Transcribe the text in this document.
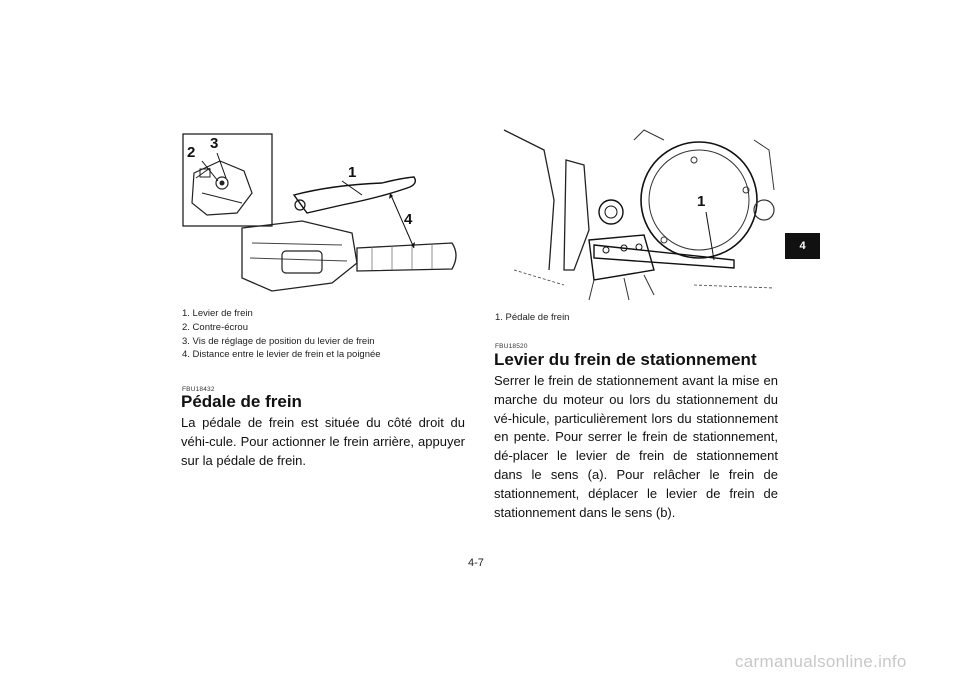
2
3
1
4
1
1. Levier de frein
2. Contre-écrou
3. Vis de réglage de position du levier de frein
4. Distance entre le levier de frein et la poignée
1. Pédale de frein
FBU18432
Pédale de frein

La pédale de frein est située du côté droit du véhi-cule. Pour actionner le frein arrière, appuyer sur la pédale de frein.

FBU18520
Levier du frein de stationnement

Serrer le frein de stationnement avant la mise en marche du moteur ou lors du stationnement du vé-hicule, particulièrement lors du stationnement en pente. Pour serrer le frein de stationnement, dé-placer le levier de frein de stationnement dans le sens (a). Pour relâcher le frein de stationnement, déplacer le levier de frein de stationnement dans le sens (b).

4
4-7
carmanualsonline.info
